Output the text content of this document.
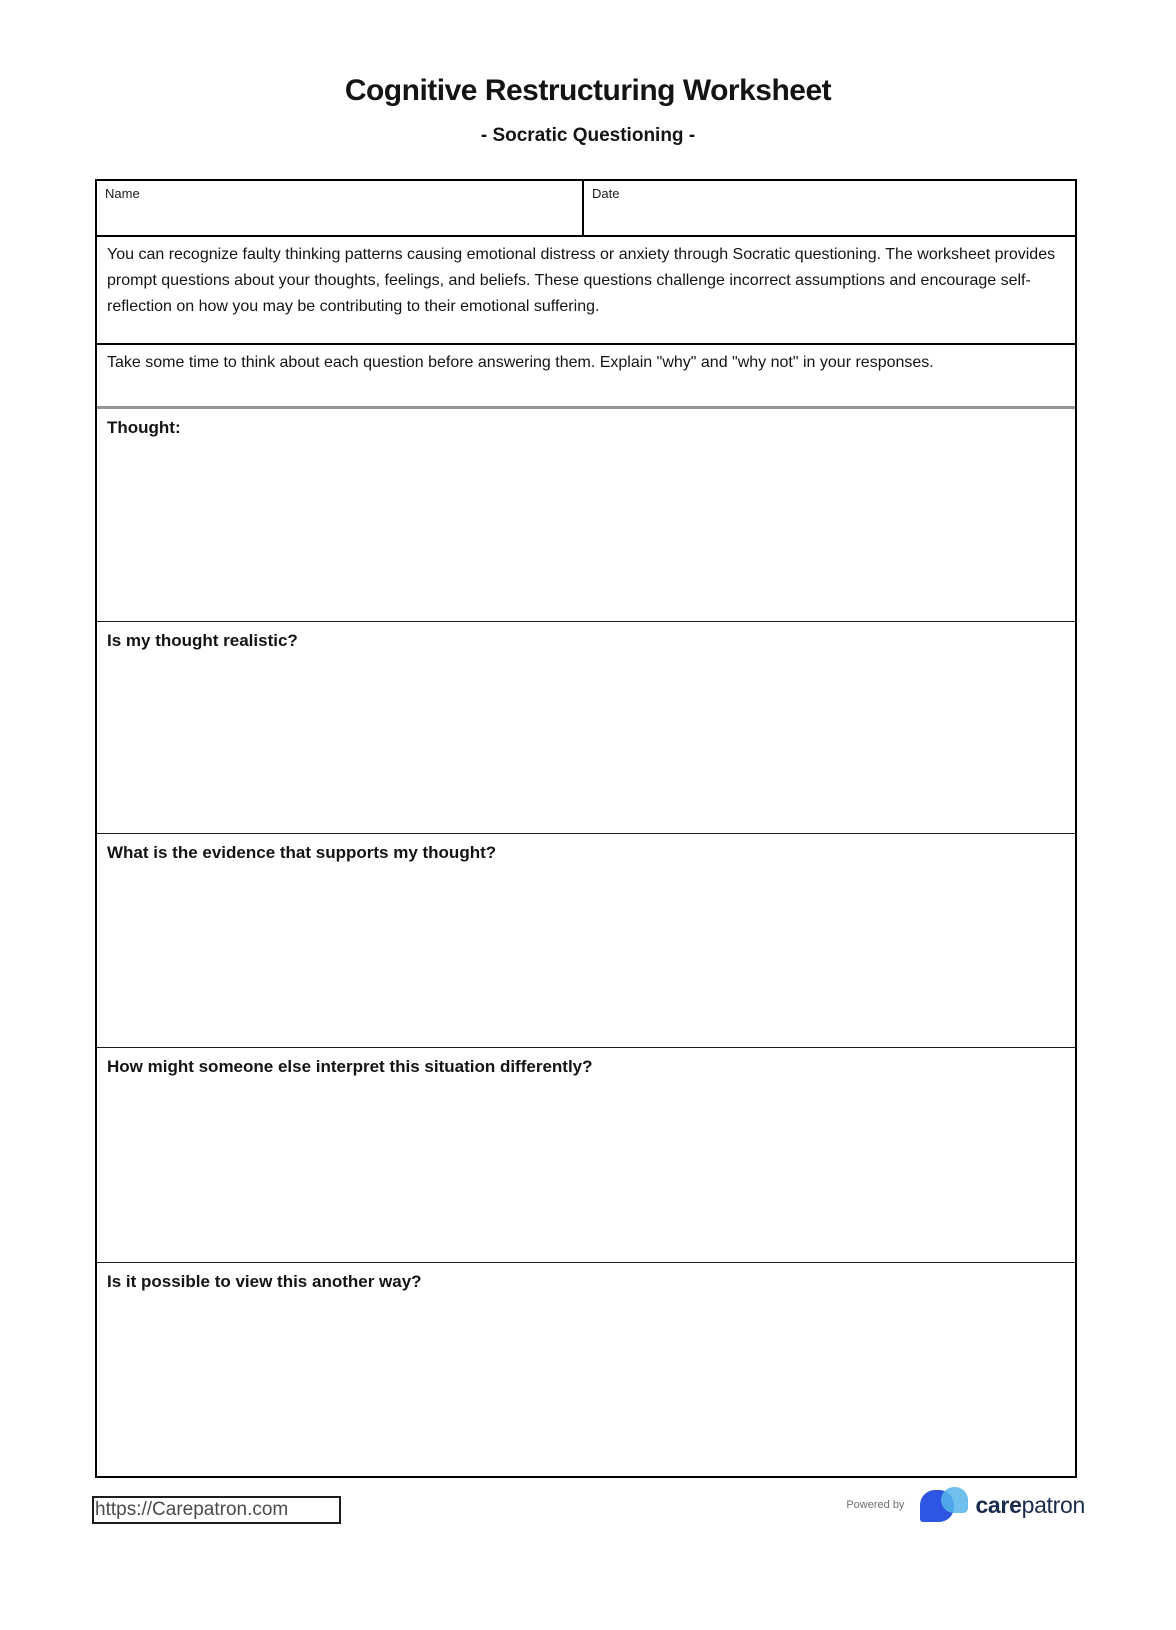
Cognitive Restructuring Worksheet
- Socratic Questioning -
Name	Date

You can recognize faulty thinking patterns causing emotional distress or anxiety through Socratic questioning. The worksheet provides prompt questions about your thoughts, feelings, and beliefs. These questions challenge incorrect assumptions and encourage self-reflection on how you may be contributing to their emotional suffering.

Take some time to think about each question before answering them. Explain "why" and "why not" in your responses.

Thought:
Is my thought realistic?
What is the evidence that supports my thought?
How might someone else interpret this situation differently?
Is it possible to view this another way?
https://Carepatron.com	Powered by	carepatron
